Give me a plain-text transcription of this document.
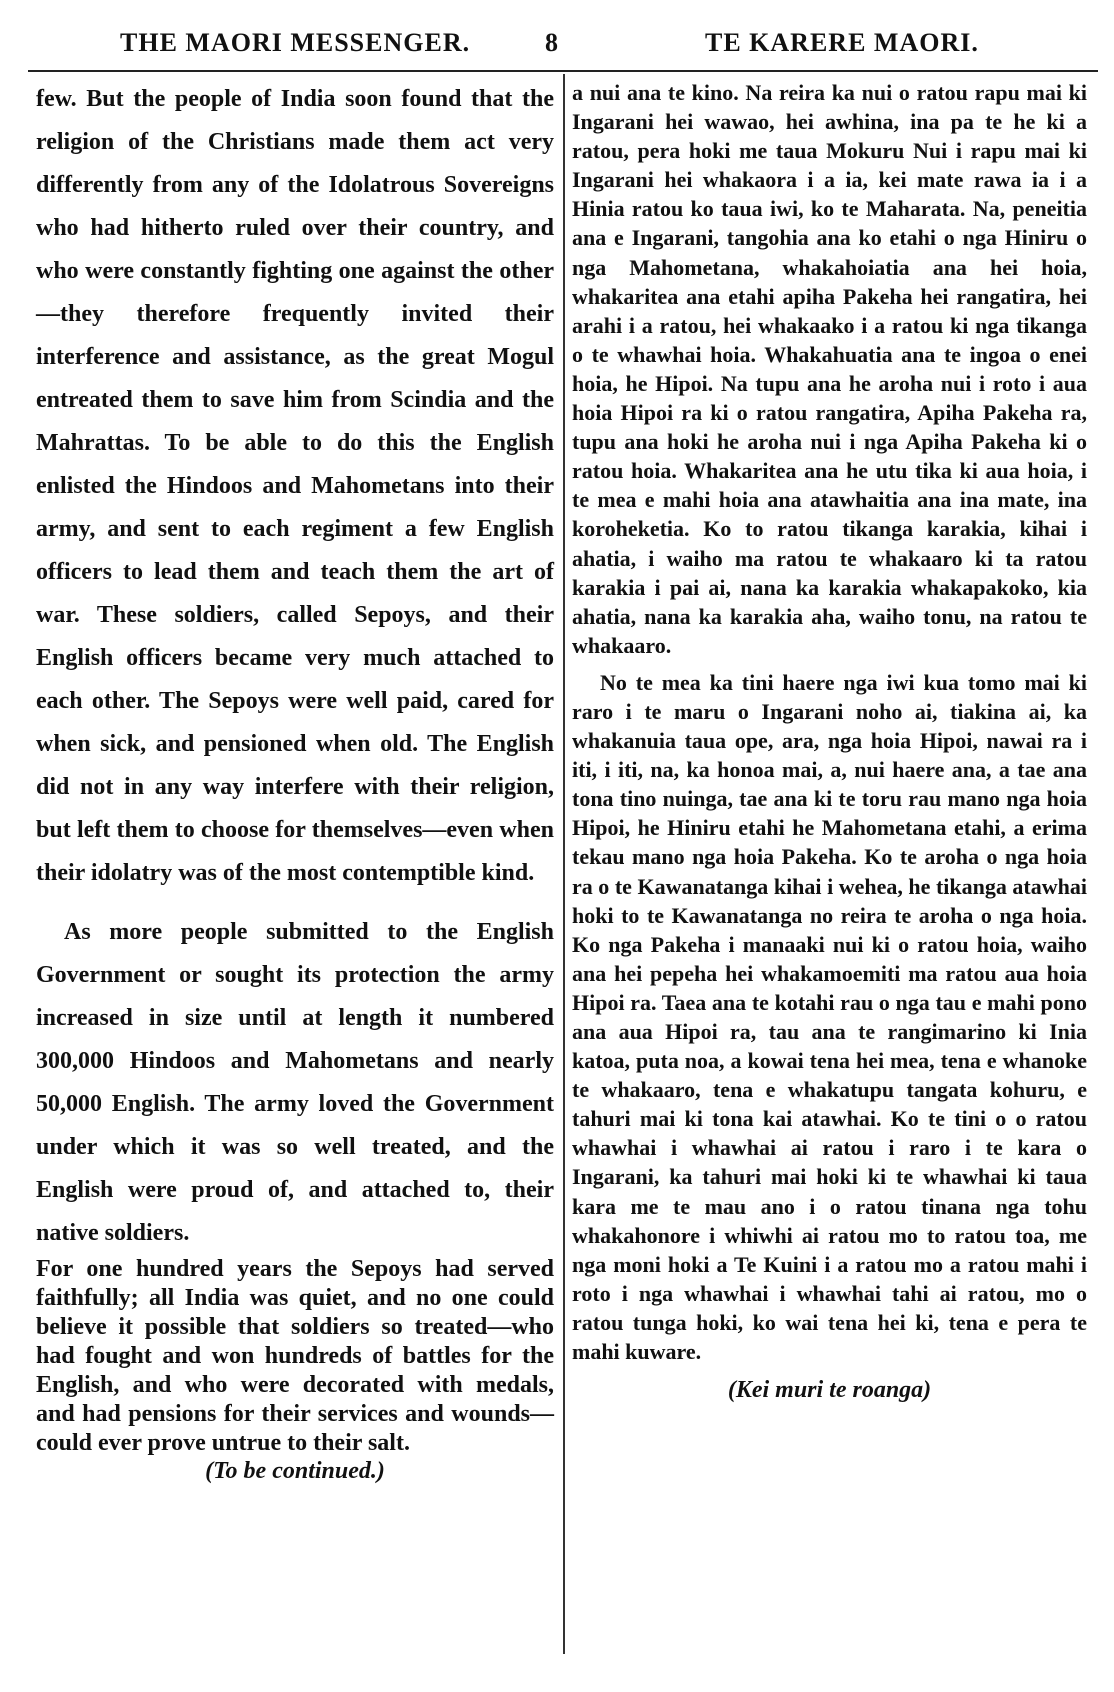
THE MAORI MESSENGER.	8	TE KARERE MAORI.

few. But the people of India soon found that the religion of the Christians made them act very differently from any of the Idolatrous Sovereigns who had hitherto ruled over their country, and who were constantly fighting one against the other—they therefore frequently invited their interference and assistance, as the great Mogul entreated them to save him from Scindia and the Mahrattas. To be able to do this the English enlisted the Hindoos and Mahometans into their army, and sent to each regiment a few English officers to lead them and teach them the art of war. These soldiers, called Sepoys, and their English officers became very much attached to each other. The Sepoys were well paid, cared for when sick, and pensioned when old. The English did not in any way interfere with their religion, but left them to choose for themselves—even when their idolatry was of the most contemptible kind.

As more people submitted to the English Government or sought its protection the army increased in size until at length it numbered 300,000 Hindoos and Mahometans and nearly 50,000 English. The army loved the Government under which it was so well treated, and the English were proud of, and attached to, their native soldiers.

For one hundred years the Sepoys had served faithfully; all India was quiet, and no one could believe it possible that soldiers so treated—who had fought and won hundreds of battles for the English, and who were decorated with medals, and had pensions for their services and wounds—could ever prove untrue to their salt.

(To be continued.)

a nui ana te kino. Na reira ka nui o ratou rapu mai ki Ingarani hei wawao, hei awhina, ina pa te he ki a ratou, pera hoki me taua Mokuru Nui i rapu mai ki Ingarani hei whakaora i a ia, kei mate rawa ia i a Hinia ratou ko taua iwi, ko te Maharata. Na, peneitia ana e Ingarani, tangohia ana ko etahi o nga Hiniru o nga Mahometana, whakahoiatia ana hei hoia, whakaritea ana etahi apiha Pakeha hei rangatira, hei arahi i a ratou, hei whakaako i a ratou ki nga tikanga o te whawhai hoia. Whakahuatia ana te ingoa o enei hoia, he Hipoi. Na tupu ana he aroha nui i roto i aua hoia Hipoi ra ki o ratou rangatira, Apiha Pakeha ra, tupu ana hoki he aroha nui i nga Apiha Pakeha ki o ratou hoia. Whakaritea ana he utu tika ki aua hoia, i te mea e mahi hoia ana atawhaitia ana ina mate, ina koroheketia. Ko to ratou tikanga karakia, kihai i ahatia, i waiho ma ratou te whakaaro ki ta ratou karakia i pai ai, nana ka karakia whakapakoko, kia ahatia, nana ka karakia aha, waiho tonu, na ratou te whakaaro.

No te mea ka tini haere nga iwi kua tomo mai ki raro i te maru o Ingarani noho ai, tiakina ai, ka whakanuia taua ope, ara, nga hoia Hipoi, nawai ra i iti, i iti, na, ka honoa mai, a, nui haere ana, a tae ana tona tino nuinga, tae ana ki te toru rau mano nga hoia Hipoi, he Hiniru etahi he Mahometana etahi, a erima tekau mano nga hoia Pakeha. Ko te aroha o nga hoia ra o te Kawanatanga kihai i wehea, he tikanga atawhai hoki to te Kawanatanga no reira te aroha o nga hoia. Ko nga Pakeha i manaaki nui ki o ratou hoia, waiho ana hei pepeha hei whakamoemiti ma ratou aua hoia Hipoi ra. Taea ana te kotahi rau o nga tau e mahi pono ana aua Hipoi ra, tau ana te rangimarino ki Inia katoa, puta noa, a kowai tena hei mea, tena e whanoke te whakaaro, tena e whakatupu tangata kohuru, e tahuri mai ki tona kai atawhai. Ko te tini o o ratou whawhai i whawhai ai ratou i raro i te kara o Ingarani, ka tahuri mai hoki ki te whawhai ki taua kara me te mau ano i o ratou tinana nga tohu whakahonore i whiwhi ai ratou mo to ratou toa, me nga moni hoki a Te Kuini i a ratou mo a ratou mahi i roto i nga whawhai i whawhai tahi ai ratou, mo o ratou tunga hoki, ko wai tena hei ki, tena e pera te mahi kuware.

(Kei muri te roanga)
